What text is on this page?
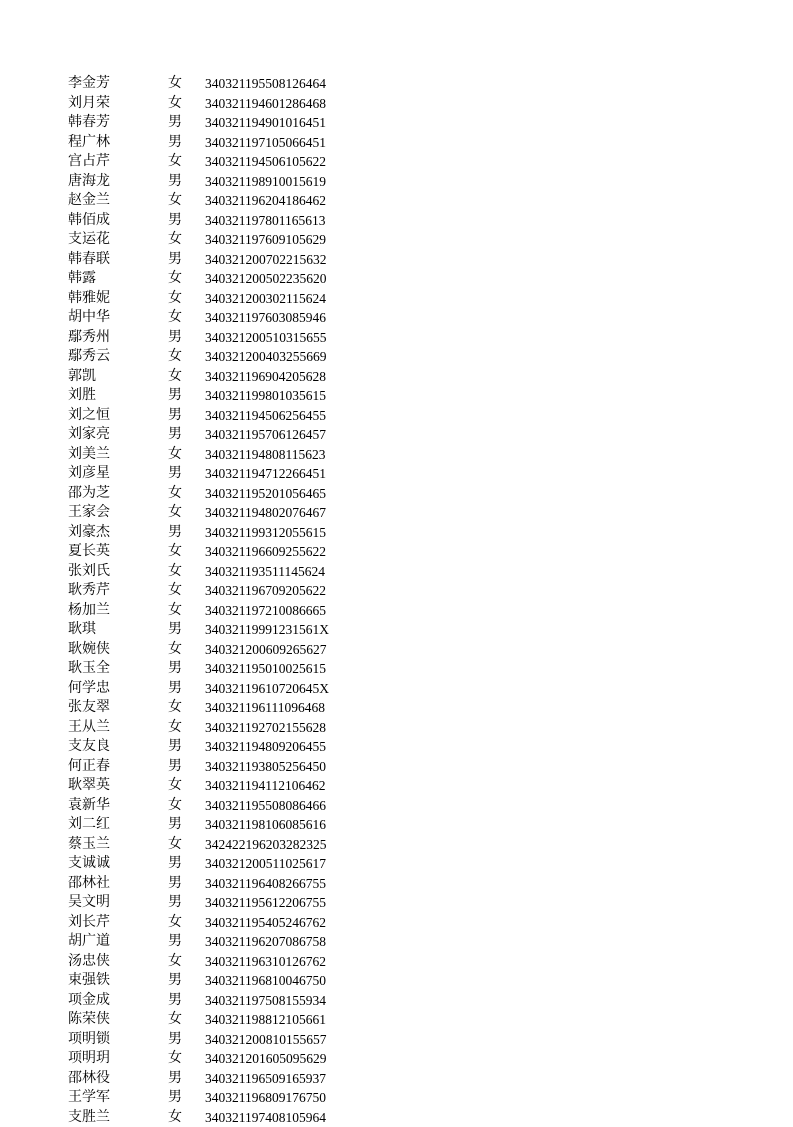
李金芳	女 340321195508126464
刘月荣	女 340321194601286468
韩春芳	男 340321194901016451
程广林	男 340321197105066451
宫占芹	女 340321194506105622
唐海龙	男 340321198910015619
赵金兰	女 340321196204186462
韩佰成	男 340321197801165613
支运花	女 340321197609105629
韩春联	男 340321200702215632
韩露	女 340321200502235620
韩雅妮	女 340321200302115624
胡中华	女 340321197603085946
鄢秀州	男 340321200510315655
鄢秀云	女 340321200403255669
郭凯	女 340321196904205628
刘胜	男 340321199801035615
刘之恒	男 340321194506256455
刘家亮	男 340321195706126457
刘美兰	女 340321194808115623
刘彦星	男 340321194712266451
邵为芝	女 340321195201056465
王家会	女 340321194802076467
刘豪杰	男 340321199312055615
夏长英	女 340321196609255622
张刘氏	女 340321193511145624
耿秀芹	女 340321196709205622
杨加兰	女 340321197210086665
耿琪	男 34032119991231561X
耿婉侠	女 340321200609265627
耿玉全	男 340321195010025615
何学忠	男 34032119610720645X
张友翠	女 340321196111096468
王从兰	女 340321192702155628
支友良	男 340321194809206455
何正春	男 340321193805256450
耿翠英	女 340321194112106462
袁新华	女 340321195508086466
刘二红	男 340321198106085616
蔡玉兰	女 342422196203282325
支诚诚	男 340321200511025617
邵林社	男 340321196408266755
吴文明	男 340321195612206755
刘长芹	女 340321195405246762
胡广道	男 340321196207086758
汤忠侠	女 340321196310126762
束强铁	男 340321196810046750
项金成	男 340321197508155934
陈荣侠	女 340321198812105661
项明锁	男 340321200810155657
项明玥	女 340321201605095629
邵林役	男 340321196509165937
王学军	男 340321196809176750
支胜兰	女 340321197408105964
